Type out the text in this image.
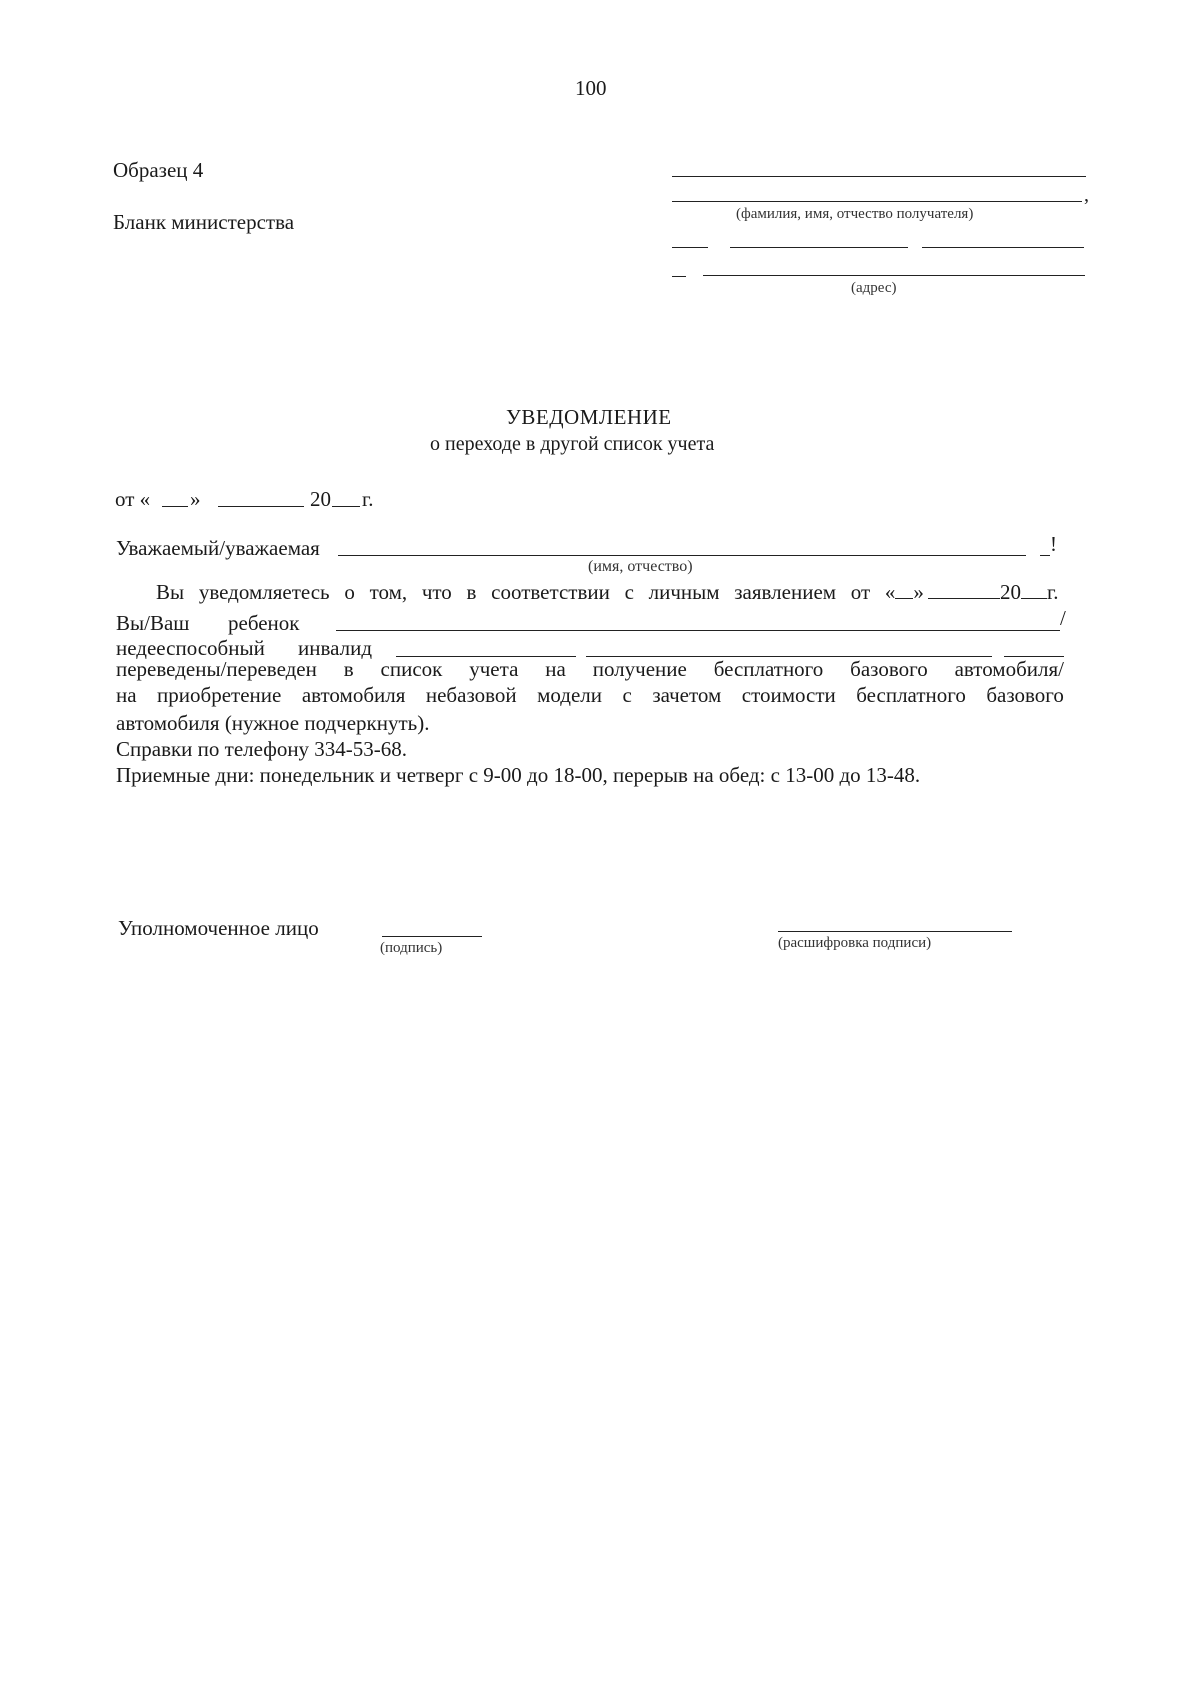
100
Образец 4
Бланк министерства
,
(фамилия, имя, отчество получателя)
(адрес)
УВЕДОМЛЕНИЕ
о переходе в другой список учета
от « »	20 г.
Уважаемый/уважаемая	!
(имя, отчество)
Вы уведомляетесь о том, что в соответствии с личным заявлением от « »	20 г.
Вы/Ваш ребенок	/
недееспособный инвалид
переведены/переведен в список учета на получение бесплатного базового автомобиля/
на приобретение автомобиля небазовой модели с зачетом стоимости бесплатного базового
автомобиля (нужное подчеркнуть).
Справки по телефону 334-53-68.
Приемные дни: понедельник и четверг с 9-00 до 18-00, перерыв на обед: с 13-00 до 13-48.
Уполномоченное лицо
(подпись)	(расшифровка подписи)
